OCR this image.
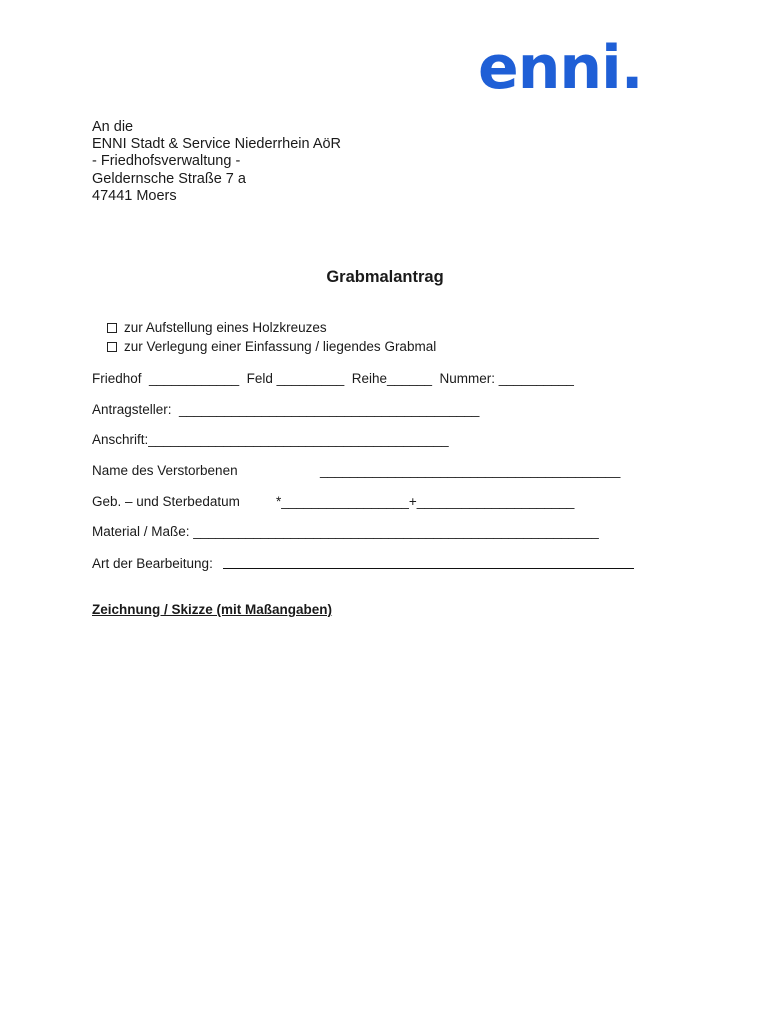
enni.
An die
ENNI Stadt & Service Niederrhein AöR
- Friedhofsverwaltung -
Geldernsche Straße 7 a
47441 Moers
Grabmalantrag

zur Aufstellung eines Holzkreuzes

zur Verlegung einer Einfassung / liegendes Grabmal

Friedhof  ____________  Feld _________  Reihe______  Nummer: __________
Antragsteller:  ________________________________________
Anschrift:________________________________________
Name des Verstorbenen	________________________________________
Geb. – und Sterbedatum	*_________________+_____________________
Material / Maße: ______________________________________________________
Art der Bearbeitung:
Zeichnung / Skizze (mit Maßangaben)
